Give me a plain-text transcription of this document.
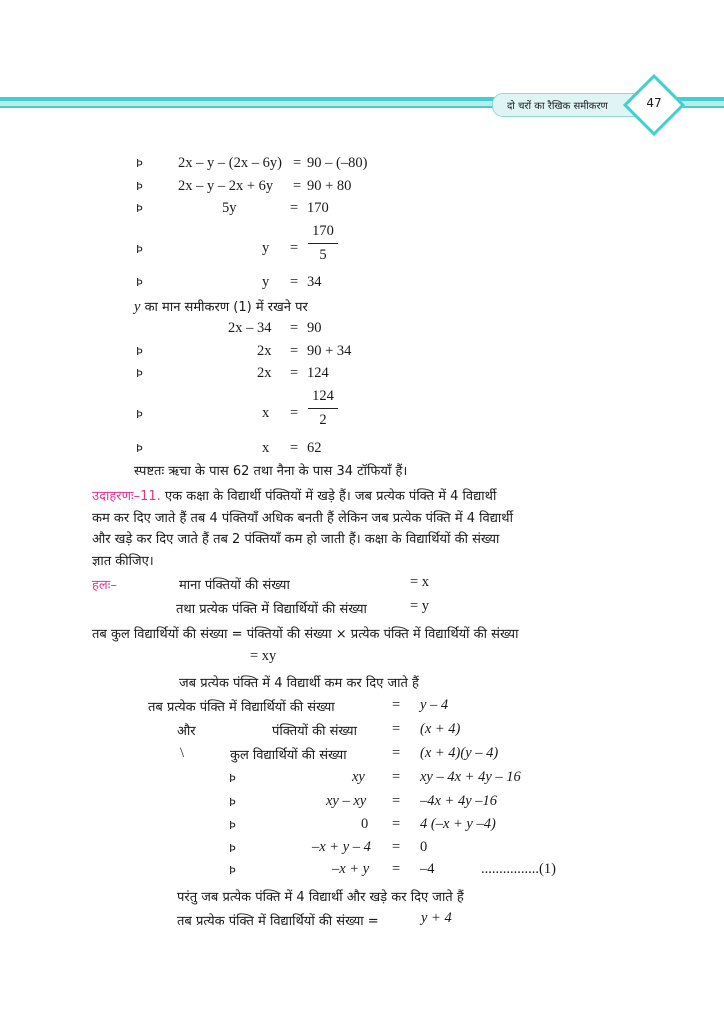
दो चरों का रैखिक समीकरण	47
Þ 2x – y – (2x – 6y) = 90 – (–80)
Þ 2x – y – 2x + 6y = 90 + 80
Þ	5y	= 170
Þ	y =
170
5
Þ	y = 34
y का मान समीकरण (1) में रखने पर
2x – 34 = 90
Þ	2x = 90 + 34
Þ	2x = 124
Þ	x =
124
2
Þ	x = 62
स्पष्टतः ऋचा के पास 62 तथा नैना के पास 34 टॉफियाँ हैं।
उदाहरणः–11. एक कक्षा के विद्यार्थी पंक्तियों में खड़े हैं। जब प्रत्येक पंक्ति में 4 विद्यार्थी
कम कर दिए जाते हैं तब 4 पंक्तियाँ अधिक बनती हैं लेकिन जब प्रत्येक पंक्ति में 4 विद्यार्थी
और खड़े कर दिए जाते हैं तब 2 पंक्तियाँ कम हो जाती हैं। कक्षा के विद्यार्थियों की संख्या
ज्ञात कीजिए।
हलः–	माना पंक्तियों की संख्या	= x
तथा प्रत्येक पंक्ति में विद्यार्थियों की संख्या	= y
तब कुल विद्यार्थियों की संख्या = पंक्तियों की संख्या × प्रत्येक पंक्ति में विद्यार्थियों की संख्या
= xy
जब प्रत्येक पंक्ति में 4 विद्यार्थी कम कर दिए जाते हैं
तब प्रत्येक पंक्ति में विद्यार्थियों की संख्या	= y – 4
और	पंक्तियों की संख्या = (x + 4)
\	कुल विद्यार्थियों की संख्या	= (x + 4)(y – 4)
Þ	xy = xy – 4x + 4y – 16
Þ	xy – xy = –4x + 4y –16
Þ	0 = 4 (–x + y –4)
Þ	–x + y – 4 = 0
Þ	–x + y = –4	................(1)
परंतु जब प्रत्येक पंक्ति में 4 विद्यार्थी और खड़े कर दिए जाते हैं
तब प्रत्येक पंक्ति में विद्यार्थियों की संख्या =	y + 4
